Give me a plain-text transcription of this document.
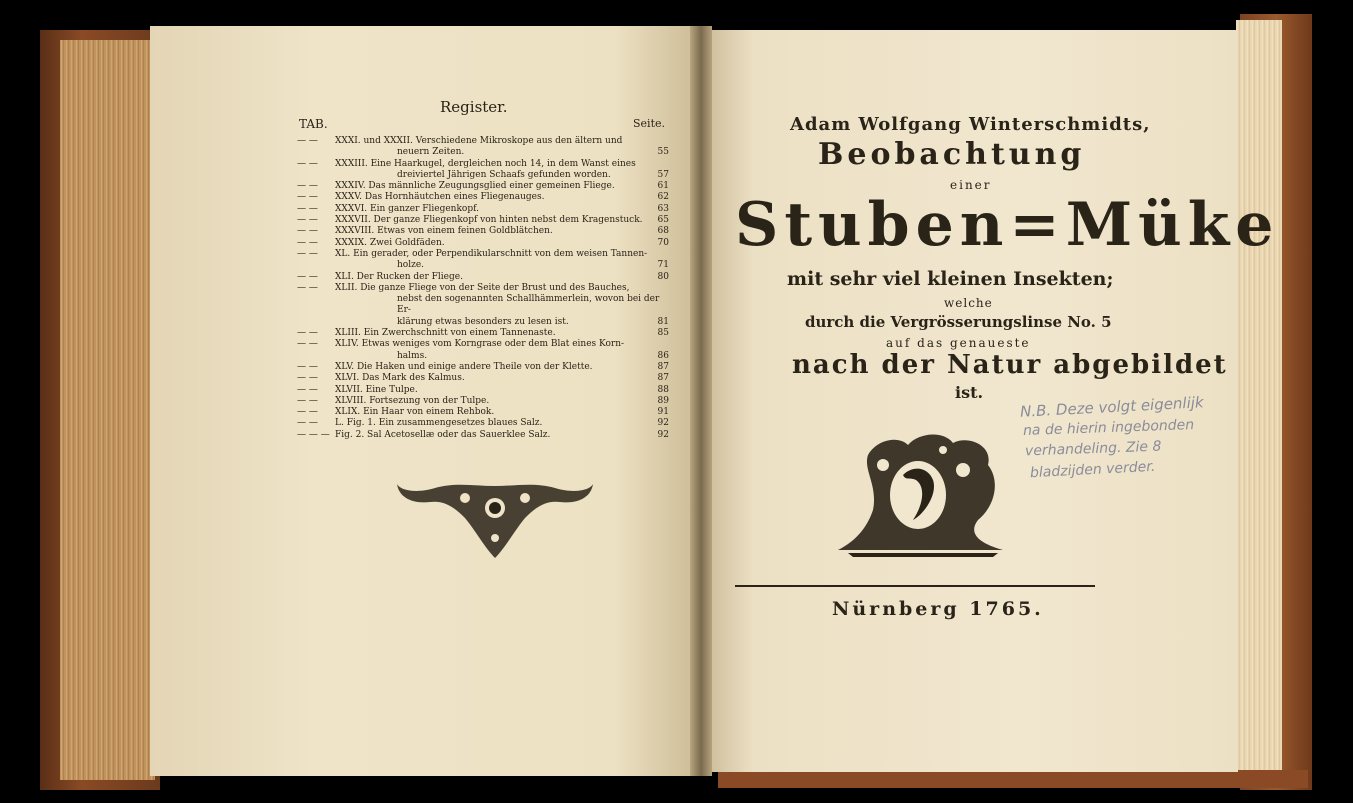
Register.
TAB.	Seite.
— — XXXI. und XXXII. Verschiedene Mikroskope aus den ältern und
neuern Zeiten.	55
— — XXXIII. Eine Haarkugel, dergleichen noch 14, in dem Wanst eines
dreiviertel Jährigen Schaafs gefunden worden.	57
— — XXXIV. Das männliche Zeugungsglied einer gemeinen Fliege.	61
— — XXXV. Das Hornhäutchen eines Fliegenauges.	62
— — XXXVI. Ein ganzer Fliegenkopf.	63
— — XXXVII. Der ganze Fliegenkopf von hinten nebst dem Kragenstuck. 65
— — XXXVIII. Etwas von einem feinen Goldblätchen.	68
— — XXXIX. Zwei Goldfäden.	70
— — XL. Ein gerader, oder Perpendikularschnitt von dem weisen Tannen-
holze.	71
— — XLI. Der Rucken der Fliege.	80
— — XLII. Die ganze Fliege von der Seite der Brust und des Bauches,
nebst den sogenannten Schallhämmerlein, wovon bei der Er-
klärung etwas besonders zu lesen ist.	81
— — XLIII. Ein Zwerchschnitt von einem Tannenaste.	85
— — XLIV. Etwas weniges vom Korngrase oder dem Blat eines Korn-
halms.	86
— — XLV. Die Haken und einige andere Theile von der Klette.	87
— — XLVI. Das Mark des Kalmus.	87
— — XLVII. Eine Tulpe.	88
— — XLVIII. Fortsezung von der Tulpe.	89
— — XLIX. Ein Haar von einem Rehbok.	91
— — L. Fig. 1. Ein zusammengesetzes blaues Salz.	92
— — — Fig. 2. Sal Acetosellæ oder das Sauerklee Salz.	92
Adam Wolfgang Winterschmidts,
Beobachtung
einer
Stuben=Müke
mit sehr viel kleinen Insekten;
welche
durch die Vergrösserungslinse No. 5
auf das genaueste
nach der Natur abgebildet
ist.
Nürnberg 1765.
N.B. Deze volgt eigenlijk
na de hierin ingebonden
verhandeling. Zie 8
bladzijden verder.
